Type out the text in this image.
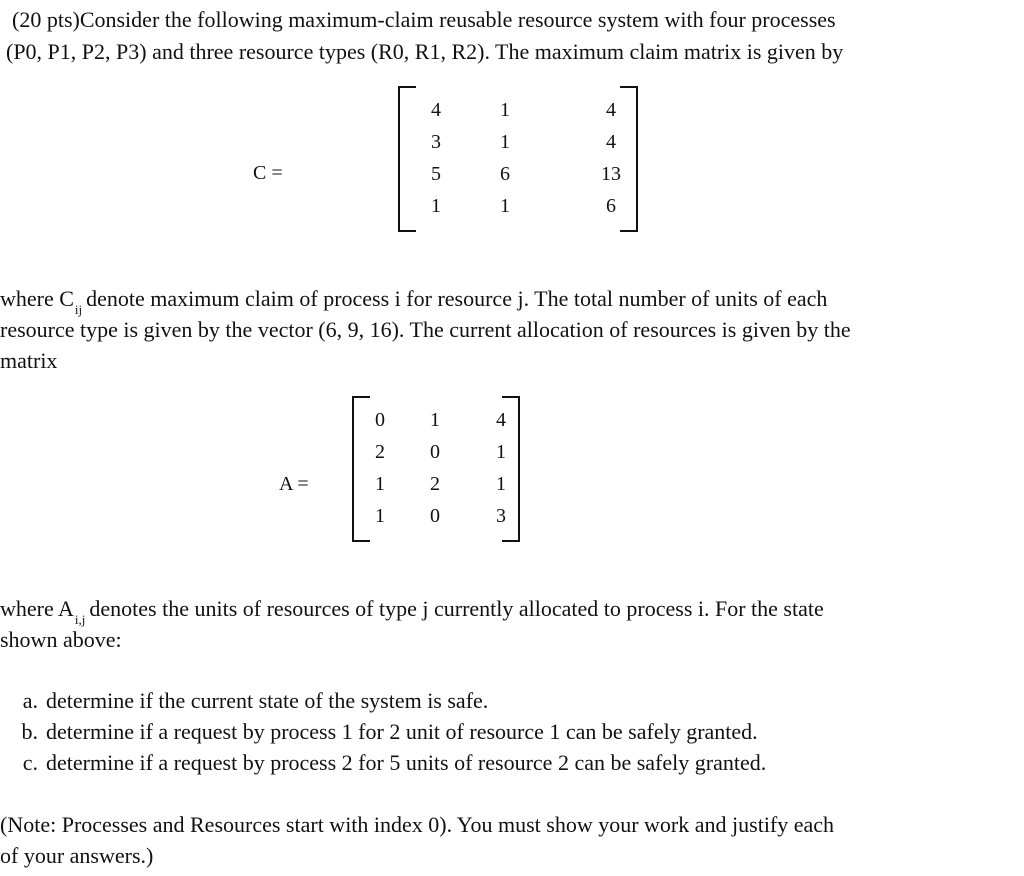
(20 pts)Consider the following maximum-claim reusable resource system with four processes
(P0, P1, P2, P3) and three resource types (R0, R1, R2). The maximum claim matrix is given by
C =
4	1	4
3	1	4
5	6	13
1	1	6
where $C_{ij}$ denote maximum claim of process i for resource j. The total number of units of each
resource type is given by the vector (6, 9, 16). The current allocation of resources is given by the
matrix
A =
0	1	4
2	0	1
1	2	1
1	0	3
where $A_{i,j}$ denotes the units of resources of type j currently allocated to process i. For the state
shown above:
a. determine if the current state of the system is safe.
b. determine if a request by process 1 for 2 unit of resource 1 can be safely granted.
c. determine if a request by process 2 for 5 units of resource 2 can be safely granted.
(Note: Processes and Resources start with index 0). You must show your work and justify each
of your answers.)
